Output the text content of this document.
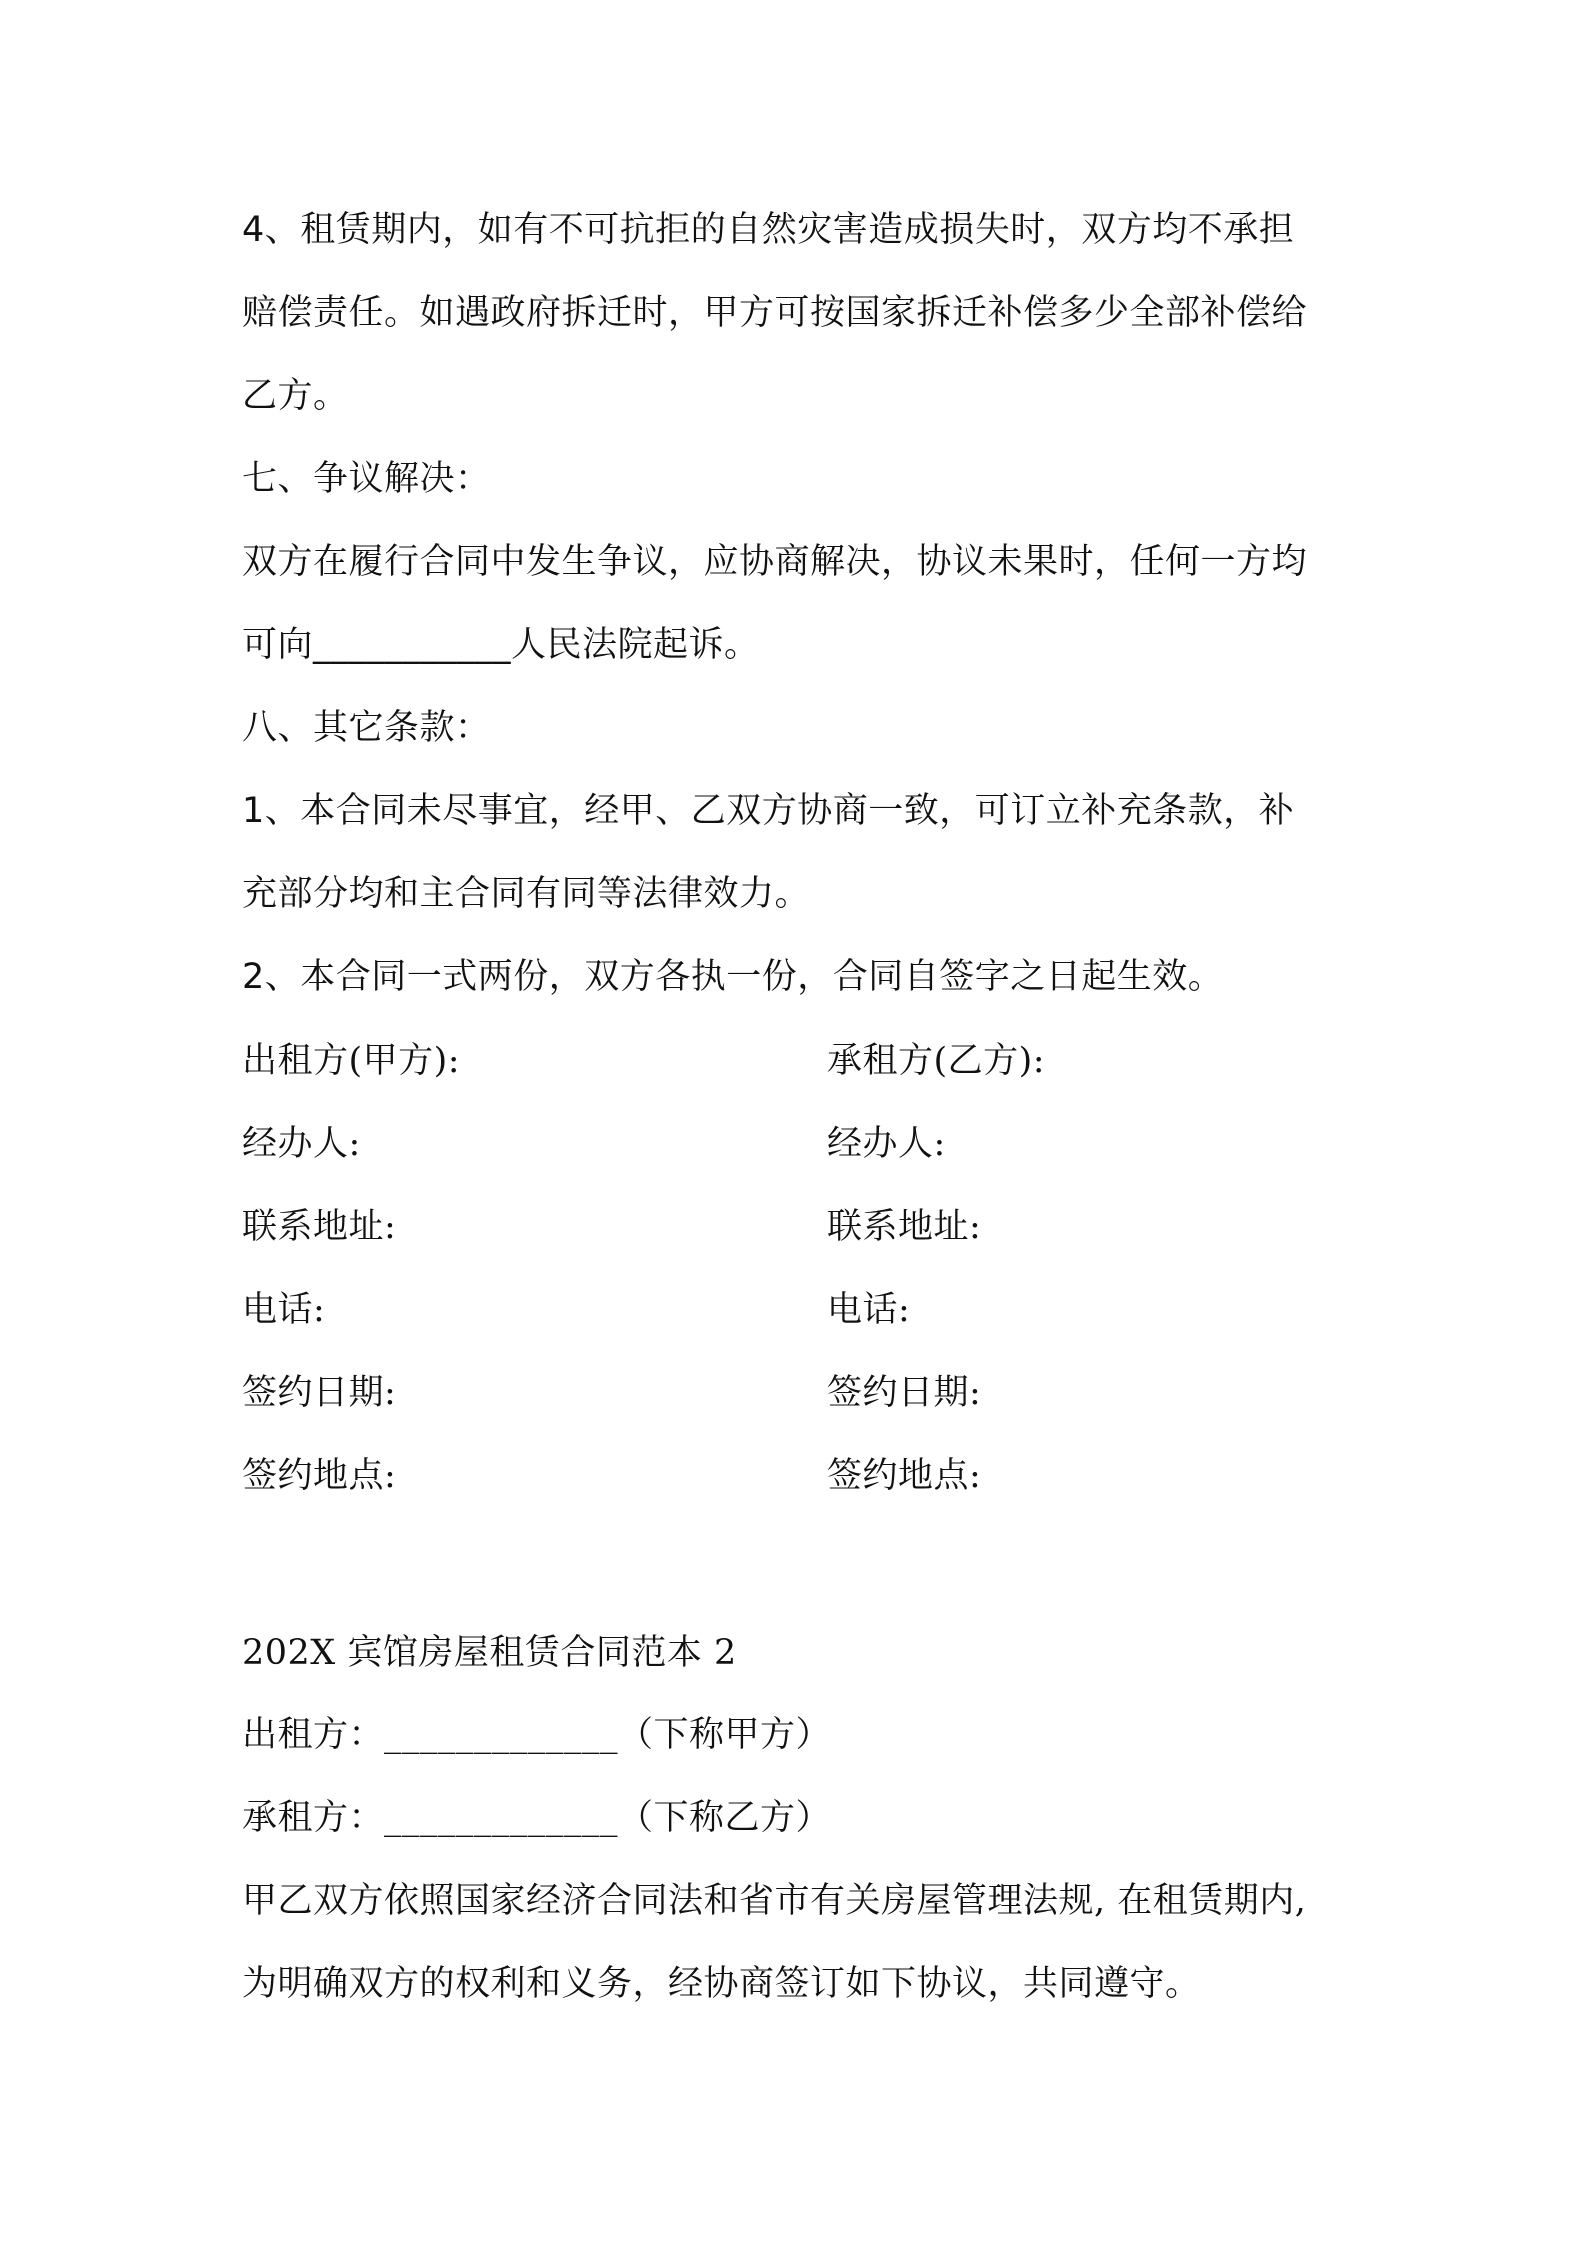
4、租赁期内，如有不可抗拒的自然灾害造成损失时，双方均不承担
赔偿责任。如遇政府拆迁时，甲方可按国家拆迁补偿多少全部补偿给
乙方。
七、争议解决：
双方在履行合同中发生争议，应协商解决，协议未果时，任何一方均
可向___________人民法院起诉。
八、其它条款：
1、本合同未尽事宜，经甲、乙双方协商一致，可订立补充条款，补
充部分均和主合同有同等法律效力。
2、本合同一式两份，双方各执一份，合同自签字之日起生效。
出租方(甲方):	承租方(乙方):
经办人:	经办人:
联系地址:	联系地址:
电话:	电话:
签约日期:	签约日期:
签约地点:	签约地点:
202X 宾馆房屋租赁合同范本 2
出租方：_____________（下称甲方）
承租方：_____________（下称乙方）
甲乙双方依照国家经济合同法和省市有关房屋管理法规, 在租赁期内,
为明确双方的权利和义务，经协商签订如下协议，共同遵守。
